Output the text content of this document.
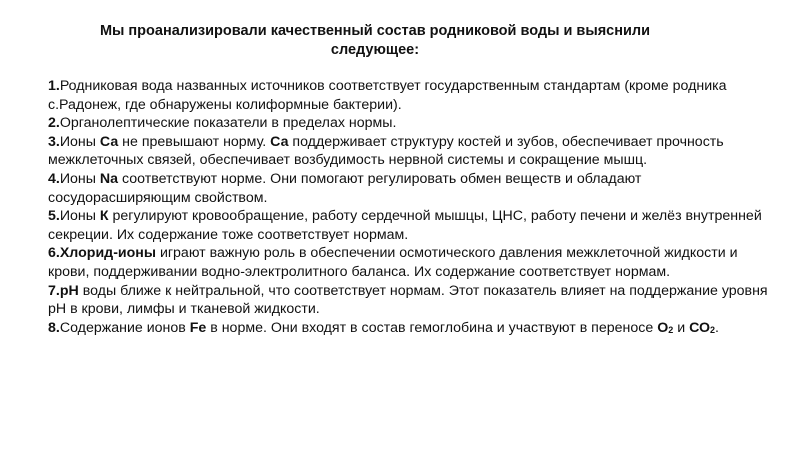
Мы проанализировали качественный состав родниковой воды и выяснили
следующее:

1.Родниковая вода названных источников соответствует государственным стандартам (кроме родника с.Радонеж, где обнаружены колиформные бактерии).

2.Органолептические показатели в пределах нормы.

3.Ионы Са не превышают норму. Са поддерживает структуру костей и зубов, обеспечивает прочность межклеточных связей, обеспечивает возбудимость нервной системы и сокращение мышц.

4.Ионы Na соответствуют норме. Они помогают регулировать обмен веществ и обладают сосудорасширяющим свойством.

5.Ионы К регулируют кровообращение, работу сердечной мышцы, ЦНС, работу печени и желёз внутренней секреции. Их содержание тоже соответствует нормам.

6.Хлорид-ионы играют важную роль в обеспечении осмотического давления межклеточной жидкости и крови, поддерживании водно-электролитного баланса. Их содержание соответствует нормам.

7.рН воды ближе к нейтральной, что соответствует нормам. Этот показатель влияет на поддержание уровня рН в крови, лимфы и тканевой жидкости.

8.Содержание ионов Fe в норме. Они входят в состав гемоглобина и участвуют в переносе $О_2$ и $СО_2$.
